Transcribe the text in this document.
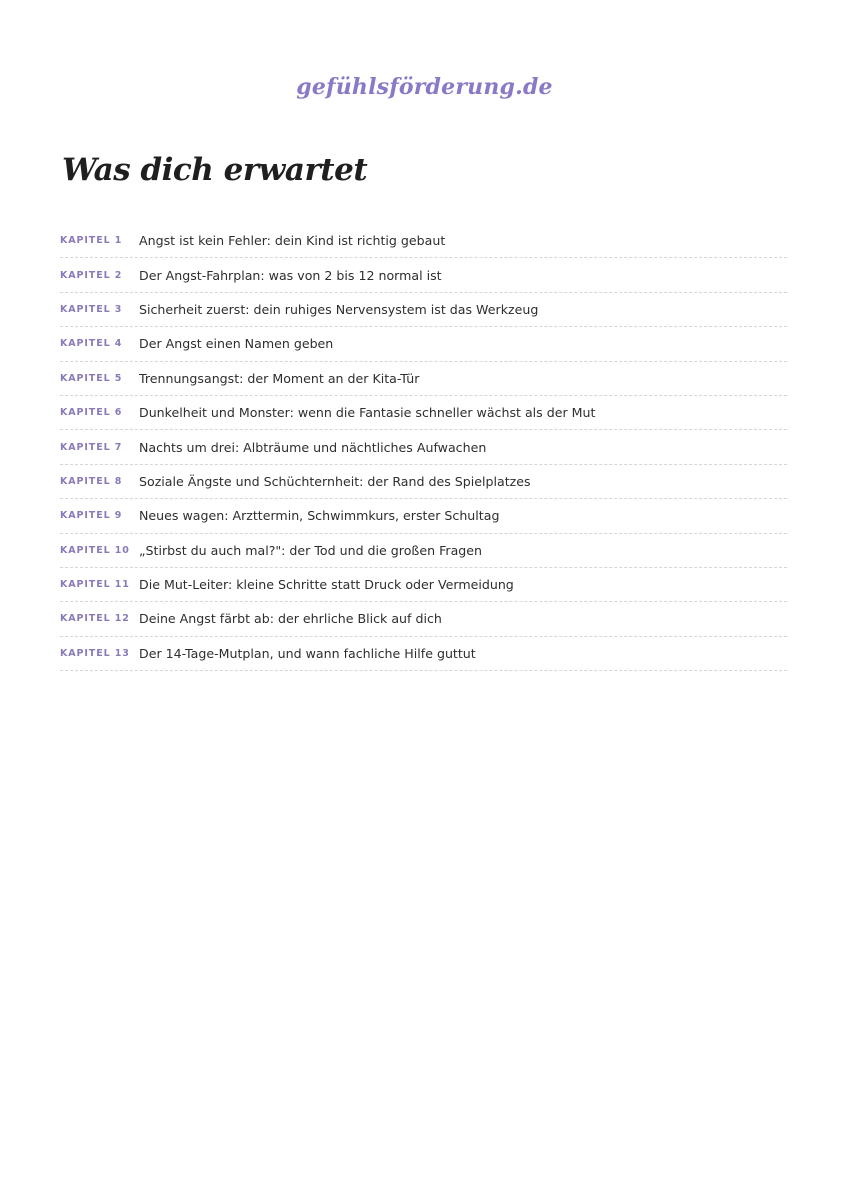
gefühlsförderung.de
Was dich erwartet
KAPITEL 1	Angst ist kein Fehler: dein Kind ist richtig gebaut
KAPITEL 2	Der Angst-Fahrplan: was von 2 bis 12 normal ist
KAPITEL 3	Sicherheit zuerst: dein ruhiges Nervensystem ist das Werkzeug
KAPITEL 4	Der Angst einen Namen geben
KAPITEL 5	Trennungsangst: der Moment an der Kita-Tür
KAPITEL 6	Dunkelheit und Monster: wenn die Fantasie schneller wächst als der Mut
KAPITEL 7	Nachts um drei: Albträume und nächtliches Aufwachen
KAPITEL 8	Soziale Ängste und Schüchternheit: der Rand des Spielplatzes
KAPITEL 9	Neues wagen: Arzttermin, Schwimmkurs, erster Schultag
KAPITEL 10 „Stirbst du auch mal?": der Tod und die großen Fragen
KAPITEL 11 Die Mut-Leiter: kleine Schritte statt Druck oder Vermeidung
KAPITEL 12 Deine Angst färbt ab: der ehrliche Blick auf dich
KAPITEL 13 Der 14-Tage-Mutplan, und wann fachliche Hilfe guttut
